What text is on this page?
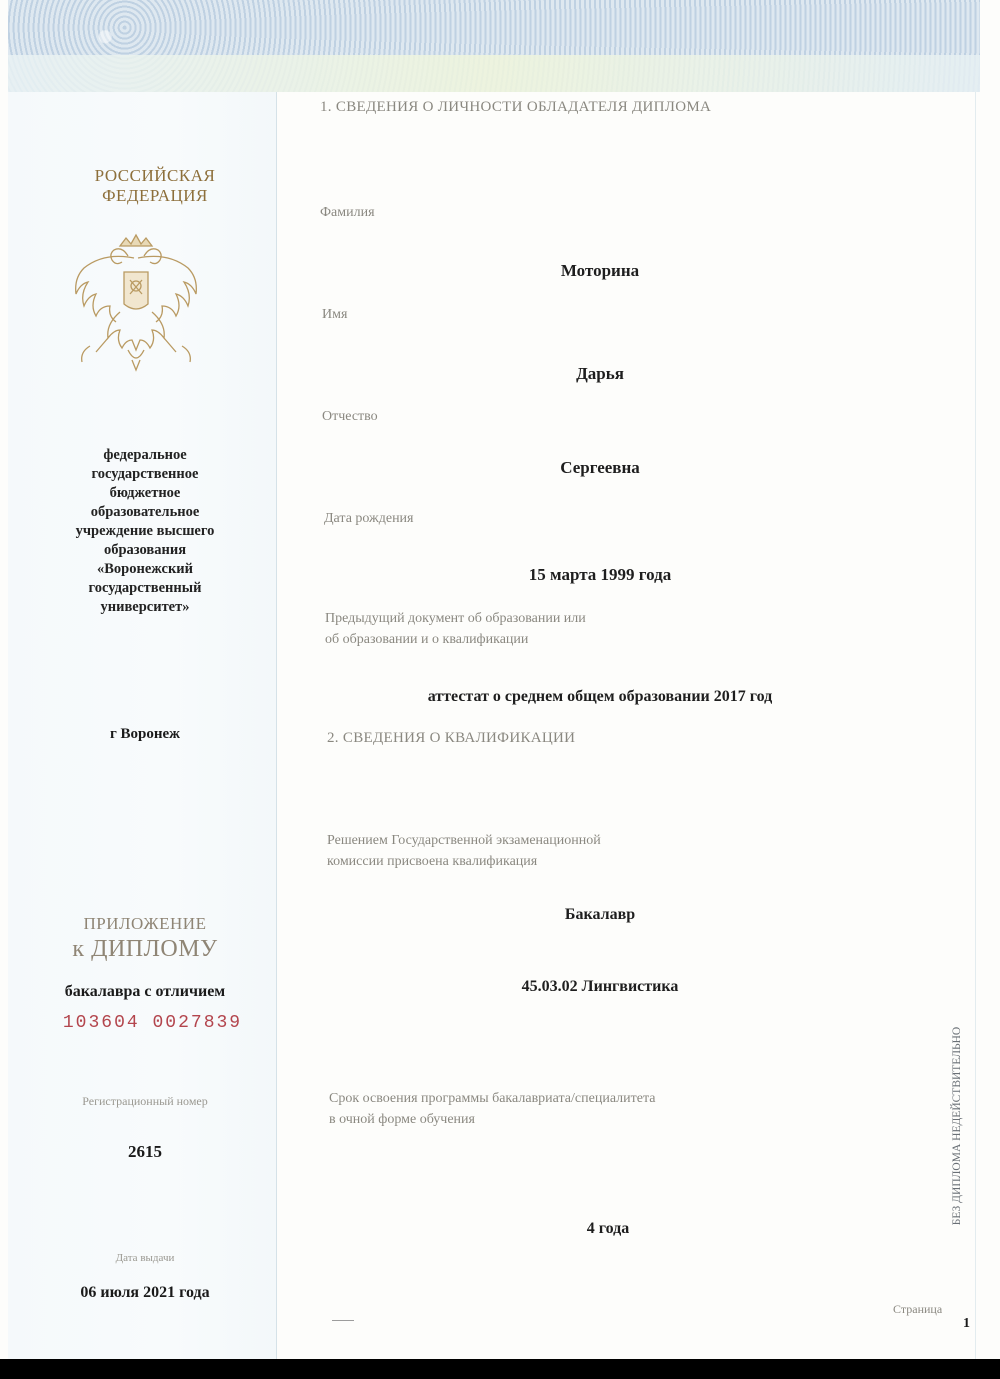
РОССИЙСКАЯ
ФЕДЕРАЦИЯ
федеральное
государственное
бюджетное
образовательное
учреждение высшего
образования
«Воронежский
государственный
университет»
г Воронеж
ПРИЛОЖЕНИЕ
к ДИПЛОМУ
бакалавра с отличием
103604 0027839
Регистрационный номер
2615
Дата выдачи
06 июля 2021 года
1. СВЕДЕНИЯ О ЛИЧНОСТИ ОБЛАДАТЕЛЯ ДИПЛОМА
Фамилия
Моторина
Имя
Дарья
Отчество
Сергеевна
Дата рождения
15 марта 1999 года
Предыдущий документ об образовании или
об образовании и о квалификации
аттестат о среднем общем образовании 2017 год
2. СВЕДЕНИЯ О КВАЛИФИКАЦИИ
Решением Государственной экзаменационной
комиссии присвоена квалификация
Бакалавр
45.03.02 Лингвистика
Срок освоения программы бакалавриата/специалитета
в очной форме обучения
4 года
БЕЗ ДИПЛОМА НЕДЕЙСТВИТЕЛЬНО
Страница
1
